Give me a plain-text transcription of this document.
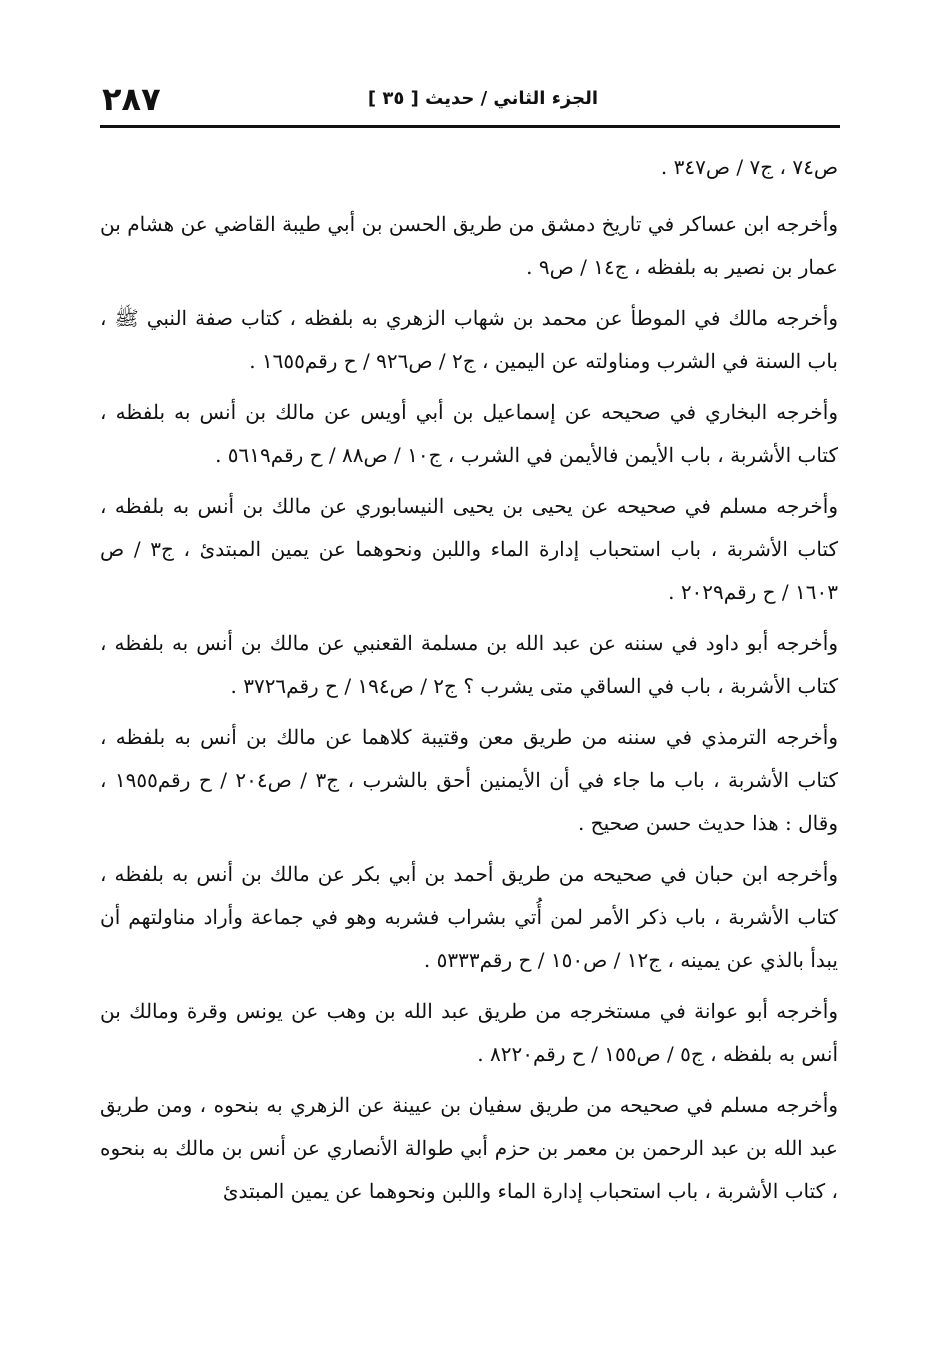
الجزء الثاني / حديث [ ٣٥ ]
٢٨٧

ص٧٤ ، ج٧ / ص٣٤٧ .

وأخرجه ابن عساكر في تاريخ دمشق من طريق الحسن بن أبي طيبة القاضي عن هشام بن عمار بن نصير به بلفظه ، ج١٤ / ص٩ .

وأخرجه مالك في الموطأ عن محمد بن شهاب الزهري به بلفظه ، كتاب صفة النبي ﷺ ، باب السنة في الشرب ومناولته عن اليمين ، ج٢ / ص٩٢٦ / ح رقم١٦٥٥ .

وأخرجه البخاري في صحيحه عن إسماعيل بن أبي أويس عن مالك بن أنس به بلفظه ، كتاب الأشربة ، باب الأيمن فالأيمن في الشرب ، ج١٠ / ص٨٨ / ح رقم٥٦١٩ .

وأخرجه مسلم في صحيحه عن يحيى بن يحيى النيسابوري عن مالك بن أنس به بلفظه ، كتاب الأشربة ، باب استحباب إدارة الماء واللبن ونحوهما عن يمين المبتدئ ، ج٣ / ص ١٦٠٣ / ح رقم٢٠٢٩ .

وأخرجه أبو داود في سننه عن عبد الله بن مسلمة القعنبي عن مالك بن أنس به بلفظه ، كتاب الأشربة ، باب في الساقي متى يشرب ؟ ج٢ / ص١٩٤ / ح رقم٣٧٢٦ .

وأخرجه الترمذي في سننه من طريق معن وقتيبة كلاهما عن مالك بن أنس به بلفظه ، كتاب الأشربة ، باب ما جاء في أن الأيمنين أحق بالشرب ، ج٣ / ص٢٠٤ / ح رقم١٩٥٥ ، وقال : هذا حديث حسن صحيح .

وأخرجه ابن حبان في صحيحه من طريق أحمد بن أبي بكر عن مالك بن أنس به بلفظه ، كتاب الأشربة ، باب ذكر الأمر لمن أُتي بشراب فشربه وهو في جماعة وأراد مناولتهم أن يبدأ بالذي عن يمينه ، ج١٢ / ص١٥٠ / ح رقم٥٣٣٣ .

وأخرجه أبو عوانة في مستخرجه من طريق عبد الله بن وهب عن يونس وقرة ومالك بن أنس به بلفظه ، ج٥ / ص١٥٥ / ح رقم٨٢٢٠ .

وأخرجه مسلم في صحيحه من طريق سفيان بن عيينة عن الزهري به بنحوه ، ومن طريق عبد الله بن عبد الرحمن بن معمر بن حزم أبي طوالة الأنصاري عن أنس بن مالك به بنحوه ، كتاب الأشربة ، باب استحباب إدارة الماء واللبن ونحوهما عن يمين المبتدئ
